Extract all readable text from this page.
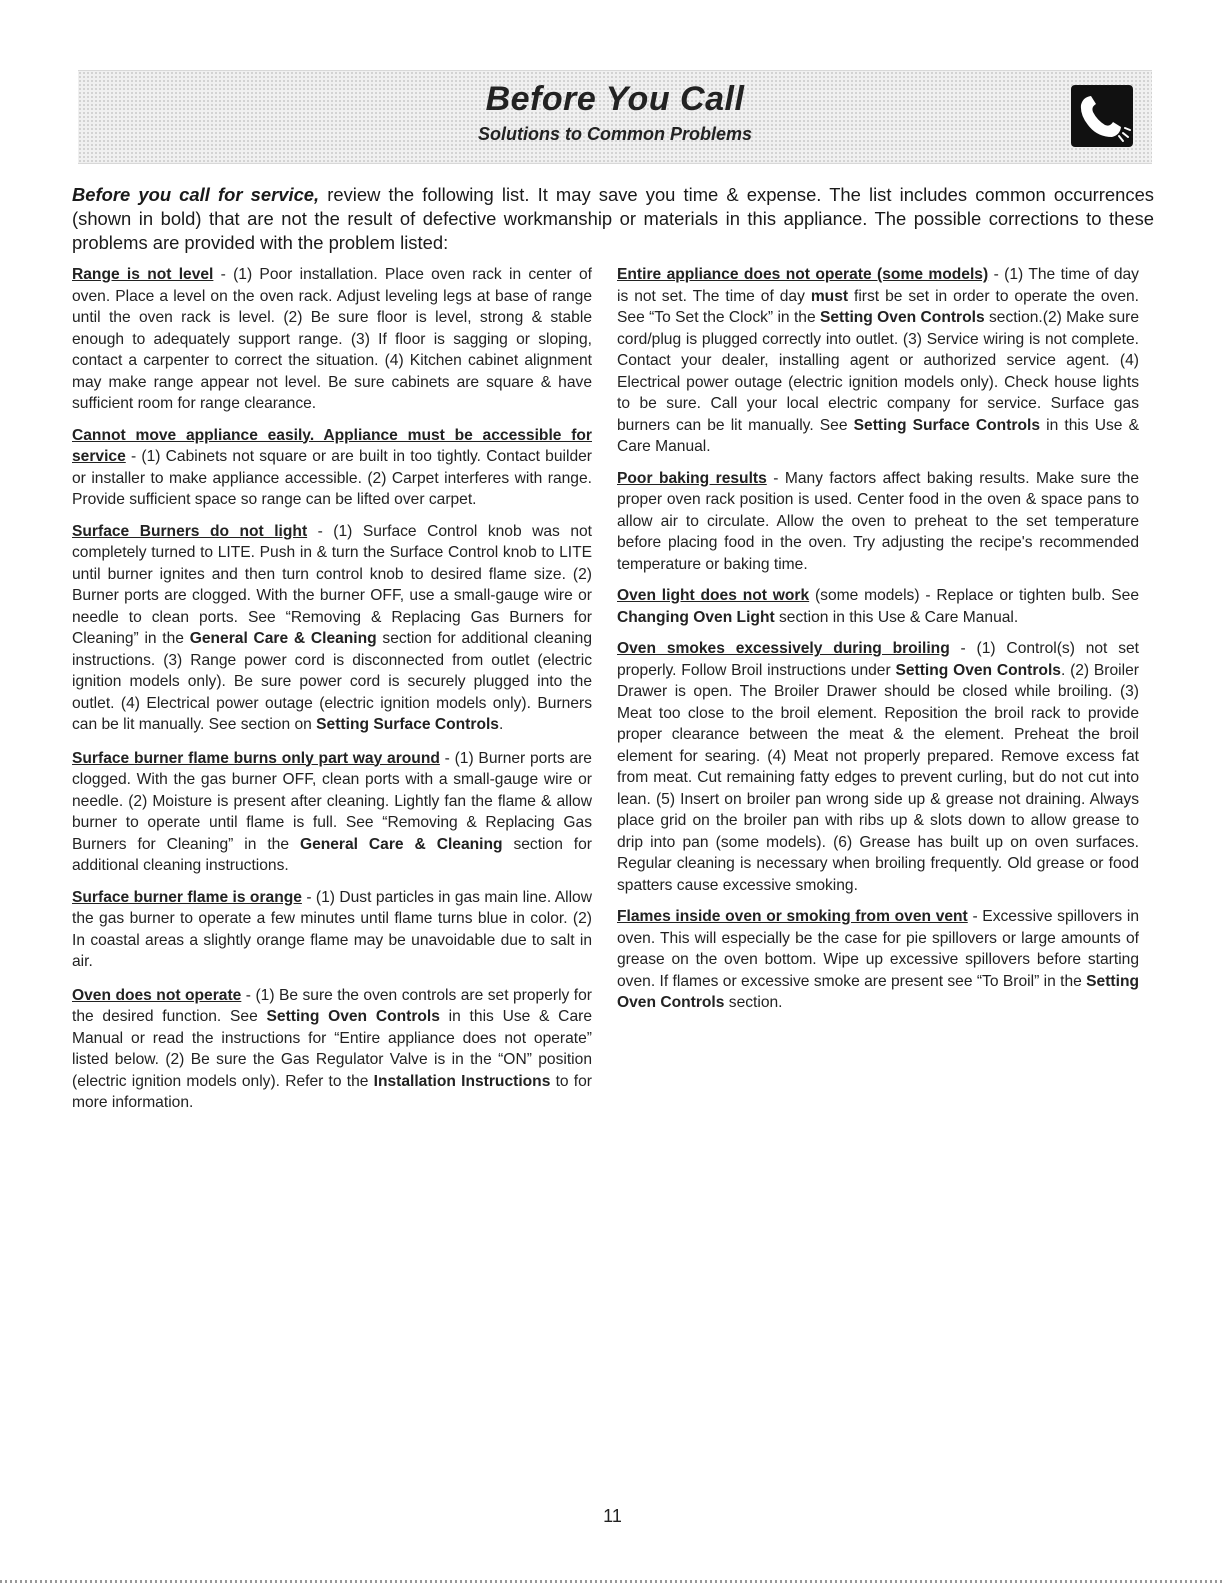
Before You Call
Solutions to Common Problems
Before you call for service, review the following list. It may save you time & expense. The list includes common occurrences (shown in bold) that are not the result of defective workmanship or materials in this appliance. The possible corrections to these problems are provided with the problem listed:

Range is not level - (1) Poor installation. Place oven rack in center of oven. Place a level on the oven rack. Adjust leveling legs at base of range until the oven rack is level. (2) Be sure floor is level, strong & stable enough to adequately support range. (3) If floor is sagging or sloping, contact a carpenter to correct the situation. (4) Kitchen cabinet alignment may make range appear not level. Be sure cabinets are square & have sufficient room for range clearance.

Cannot move appliance easily. Appliance must be accessible for service - (1) Cabinets not square or are built in too tightly. Contact builder or installer to make appliance accessible. (2) Carpet interferes with range. Provide sufficient space so range can be lifted over carpet.

Surface Burners do not light - (1) Surface Control knob was not completely turned to LITE. Push in & turn the Surface Control knob to LITE until burner ignites and then turn control knob to desired flame size. (2) Burner ports are clogged. With the burner OFF, use a small-gauge wire or needle to clean ports. See “Removing & Replacing Gas Burners for Cleaning” in the General Care & Cleaning section for additional cleaning instructions. (3) Range power cord is disconnected from outlet (electric ignition models only). Be sure power cord is securely plugged into the outlet. (4) Electrical power outage (electric ignition models only). Burners can be lit manually. See section on Setting Surface Controls.

Surface burner flame burns only part way around - (1) Burner ports are clogged. With the gas burner OFF, clean ports with a small-gauge wire or needle. (2) Moisture is present after cleaning. Lightly fan the flame & allow burner to operate until flame is full. See “Removing & Replacing Gas Burners for Cleaning” in the General Care & Cleaning section for additional cleaning instructions.

Surface burner flame is orange - (1) Dust particles in gas main line. Allow the gas burner to operate a few minutes until flame turns blue in color. (2) In coastal areas a slightly orange flame may be unavoidable due to salt in air.

Oven does not operate - (1) Be sure the oven controls are set properly for the desired function. See Setting Oven Controls in this Use & Care Manual or read the instructions for “Entire appliance does not operate” listed below. (2) Be sure the Gas Regulator Valve is in the “ON” position (electric ignition models only). Refer to the Installation Instructions to for more information.

Entire appliance does not operate (some models) - (1) The time of day is not set. The time of day must first be set in order to operate the oven. See “To Set the Clock” in the Setting Oven Controls section.(2) Make sure cord/plug is plugged correctly into outlet. (3) Service wiring is not complete. Contact your dealer, installing agent or authorized service agent. (4) Electrical power outage (electric ignition models only). Check house lights to be sure. Call your local electric company for service. Surface gas burners can be lit manually. See Setting Surface Controls in this Use & Care Manual.

Poor baking results - Many factors affect baking results. Make sure the proper oven rack position is used. Center food in the oven & space pans to allow air to circulate. Allow the oven to preheat to the set temperature before placing food in the oven. Try adjusting the recipe's recommended temperature or baking time.

Oven light does not work (some models) - Replace or tighten bulb. See Changing Oven Light section in this Use & Care Manual.

Oven smokes excessively during broiling - (1) Control(s) not set properly. Follow Broil instructions under Setting Oven Controls. (2) Broiler Drawer is open. The Broiler Drawer should be closed while broiling. (3) Meat too close to the broil element. Reposition the broil rack to provide proper clearance between the meat & the element. Preheat the broil element for searing. (4) Meat not properly prepared. Remove excess fat from meat. Cut remaining fatty edges to prevent curling, but do not cut into lean. (5) Insert on broiler pan wrong side up & grease not draining. Always place grid on the broiler pan with ribs up & slots down to allow grease to drip into pan (some models). (6) Grease has built up on oven surfaces. Regular cleaning is necessary when broiling frequently. Old grease or food spatters cause excessive smoking.

Flames inside oven or smoking from oven vent - Excessive spillovers in oven. This will especially be the case for pie spillovers or large amounts of grease on the oven bottom. Wipe up excessive spillovers before starting oven. If flames or excessive smoke are present see “To Broil” in the Setting Oven Controls section.

11
